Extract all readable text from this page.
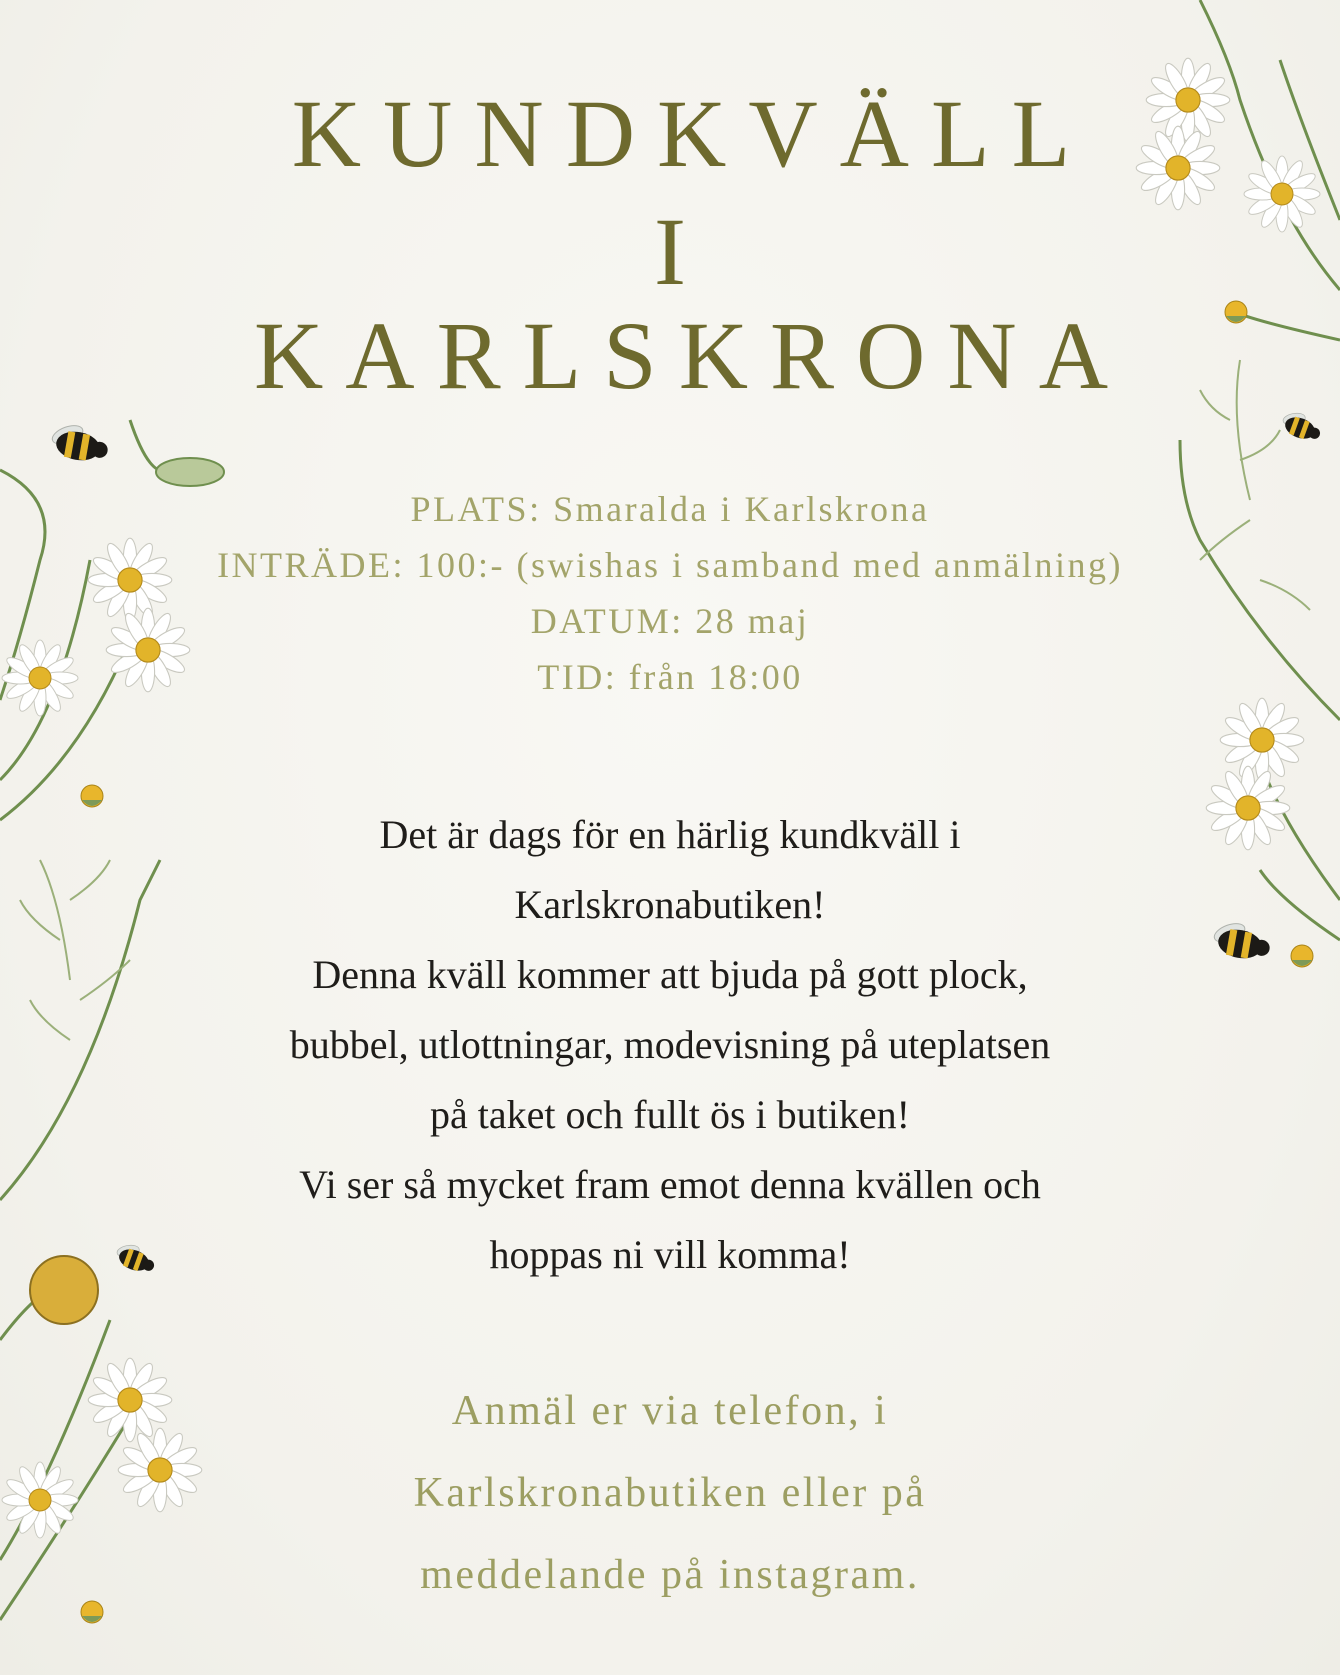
KUNDKVÄLL
I
KARLSKRONA

PLATS: Smaralda i Karlskrona

INTRÄDE: 100:- (swishas i samband med anmälning)

DATUM: 28 maj

TID: från 18:00

Det är dags för en härlig kundkväll i
Karlskronabutiken!
Denna kväll kommer att bjuda på gott plock,
bubbel, utlottningar, modevisning på uteplatsen
på taket och fullt ös i butiken!
Vi ser så mycket fram emot denna kvällen och
hoppas ni vill komma!
Anmäl er via telefon, i
Karlskronabutiken eller på
meddelande på instagram.
